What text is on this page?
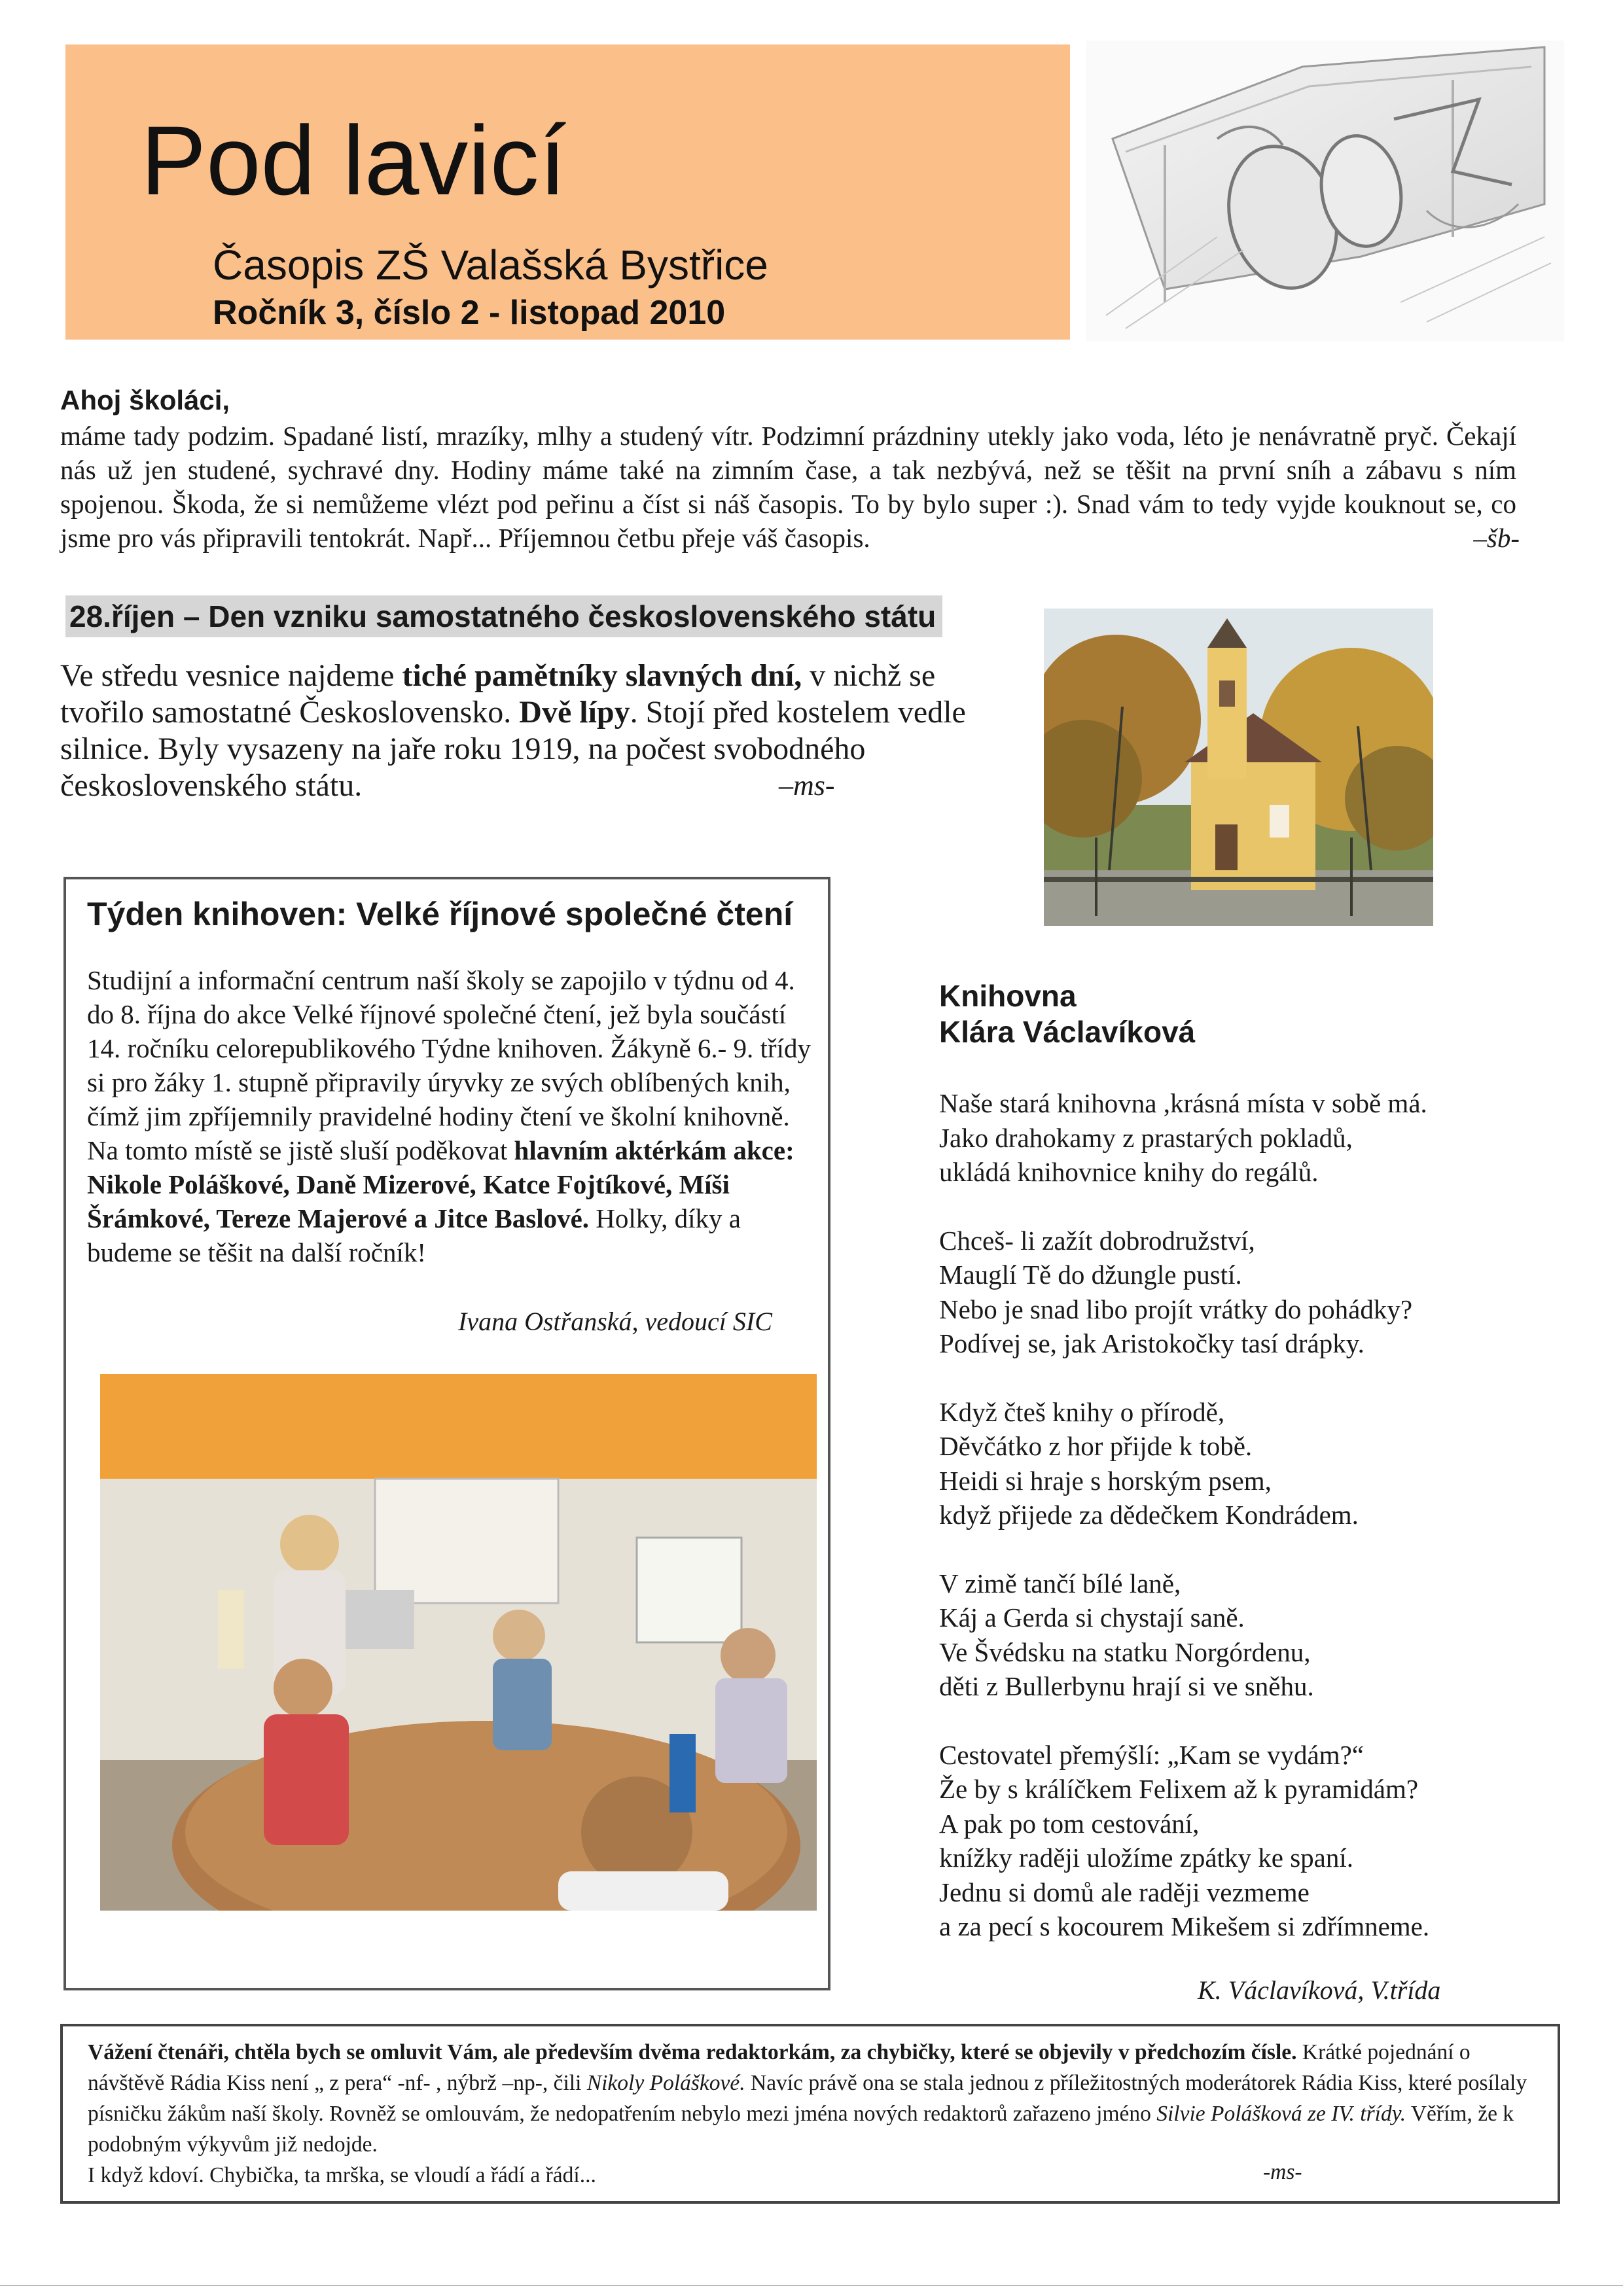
Pod lavicí
Časopis ZŠ Valašská Bystřice
Ročník 3, číslo 2 - listopad 2010
Ahoj školáci,
máme tady podzim. Spadané listí, mrazíky, mlhy a studený vítr. Podzimní prázdniny utekly jako voda, léto je nenávratně pryč. Čekají nás už jen studené, sychravé dny. Hodiny máme také na zimním čase, a tak nezbývá, než se těšit na první sníh a zábavu s ním spojenou. Škoda, že si nemůžeme vlézt pod peřinu a číst si náš časopis. To by bylo super :). Snad vám to tedy vyjde kouknout se, co jsme pro vás připravili tentokrát. Např... Příjemnou četbu přeje váš časopis.	–šb-
28.říjen – Den vzniku samostatného československého státu
Ve středu vesnice najdeme tiché pamětníky slavných dní, v nichž se tvořilo samostatné Československo. Dvě lípy. Stojí před kostelem vedle silnice. Byly vysazeny na jaře roku 1919, na počest svobodného československého státu.	–ms-
Týden knihoven: Velké říjnové společné čtení
Studijní a informační centrum naší školy se zapojilo v týdnu od 4. do 8. října do akce Velké říjnové společné čtení, jež byla součástí 14. ročníku celorepublikového Týdne knihoven. Žákyně 6.- 9. třídy si pro žáky 1. stupně připravily úryvky ze svých oblíbených knih, čímž jim zpříjemnily pravidelné hodiny čtení ve školní knihovně. Na tomto místě se jistě sluší poděkovat hlavním aktérkám akce: Nikole Poláškové, Daně Mizerové, Katce Fojtíkové, Míši Šrámkové, Tereze Majerové a Jitce Baslové. Holky, díky a budeme se těšit na další ročník!
Ivana Ostřanská, vedoucí SIC
Knihovna
Klára Václavíková
Naše stará knihovna ,krásná místa v sobě má.
Jako drahokamy z prastarých pokladů,
ukládá knihovnice knihy do regálů.
Chceš- li zažít dobrodružství,
Mauglí Tě do džungle pustí.
Nebo je snad libo projít vrátky do pohádky?
Podívej se, jak Aristokočky tasí drápky.
Když čteš knihy o přírodě,
Děvčátko z hor přijde k tobě.
Heidi si hraje s horským psem,
když přijede za dědečkem Kondrádem.
V zimě tančí bílé laně,
Káj a Gerda si chystají saně.
Ve Švédsku na statku Norgórdenu,
děti z Bullerbynu hrají si ve sněhu.
Cestovatel přemýšlí: „Kam se vydám?“
Že by s králíčkem Felixem až k pyramidám?
A pak po tom cestování,
knížky raději uložíme zpátky ke spaní.
Jednu si domů ale raději vezmeme
a za pecí s kocourem Mikešem si zdřímneme.
K. Václavíková, V.třída
Vážení čtenáři, chtěla bych se omluvit Vám, ale především dvěma redaktorkám, za chybičky, které se objevily v předchozím čísle. Krátké pojednání o návštěvě Rádia Kiss není „ z pera“ -nf- , nýbrž –np-, čili Nikoly Poláškové. Navíc právě ona se stala jednou z příležitostných moderátorek Rádia Kiss, které posílaly písničku žákům naší školy. Rovněž se omlouvám, že nedopatřením nebylo mezi jména nových redaktorů zařazeno jméno Silvie Polášková ze IV. třídy. Věřím, že k podobným výkyvům již nedojde.
I když kdoví. Chybička, ta mrška, se vloudí a řádí a řádí...	-ms-
